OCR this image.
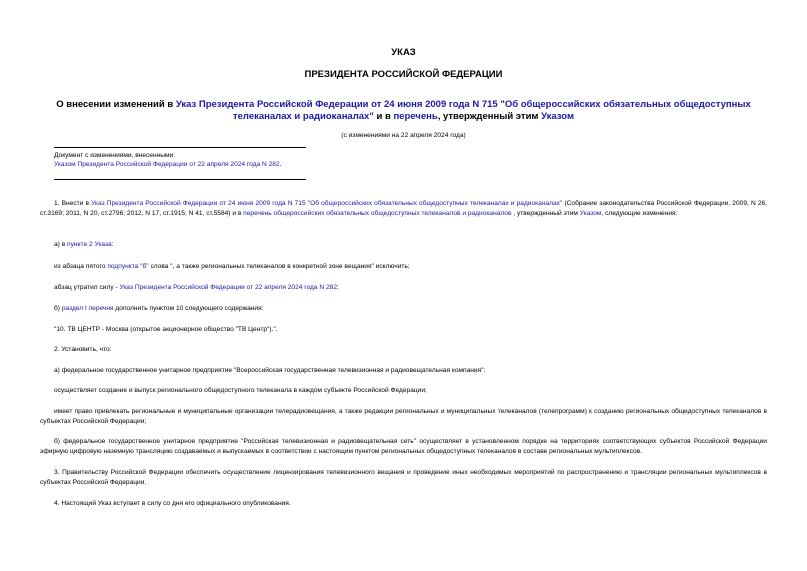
УКАЗ
ПРЕЗИДЕНТА РОССИЙСКОЙ ФЕДЕРАЦИИ
О внесении изменений в Указ Президента Российской Федерации от 24 июня 2009 года N 715 "Об общероссийских обязательных общедоступных телеканалах и радиоканалах" и в перечень, утвержденный этим Указом
(с изменениями на 22 апреля 2024 года)
Документ с изменениями, внесенными:
Указом Президента Российской Федерации от 22 апреля 2024 года N 282.

1. Внести в Указ Президента Российской Федерации от 24 июня 2009 года N 715 "Об общероссийских обязательных общедоступных телеканалах и радиоканалах" (Собрание законодательства Российской Федерации, 2009, N 26, ст.3169; 2011, N 20, ст.2796; 2012, N 17, ст.1915; N 41, ст.5584) и в перечень общероссийских обязательных общедоступных телеканалов и радиоканалов , утвержденный этим Указом, следующие изменения:

а) в пункте 2 Указа:

из абзаца пятого подпункта "б" слова ", а также региональных телеканалов в конкретной зоне вещания" исключить;

абзац утратил силу - Указ Президента Российской Федерации от 22 апреля 2024 года N 282;

б) раздел I перечня дополнить пунктом 10 следующего содержания:

"10. ТВ ЦЕНТР - Москва (открытое акционерное общество "ТВ Центр").".

2. Установить, что:

а) федеральное государственное унитарное предприятие "Всероссийская государственная телевизионная и радиовещательная компания":

осуществляет создание и выпуск регионального общедоступного телеканала в каждом субъекте Российской Федерации;

имеет право привлекать региональные и муниципальные организации телерадиовещания, а также редакции региональных и муниципальных телеканалов (телепрограмм) к созданию региональных общедоступных телеканалов в субъектах Российской Федерации;

б) федеральное государственное унитарное предприятие "Российская телевизионная и радиовещательная сеть" осуществляет в установленном порядке на территориях соответствующих субъектов Российской Федерации эфирную цифровую наземную трансляцию создаваемых и выпускаемых в соответствии с настоящим пунктом региональных общедоступных телеканалов в составе региональных мультиплексов.

3. Правительству Российской Федерации обеспечить осуществление лицензирования телевизионного вещания и проведение иных необходимых мероприятий по распространению и трансляции региональных мультиплексов в субъектах Российской Федерации.

4. Настоящий Указ вступает в силу со дня его официального опубликования.
